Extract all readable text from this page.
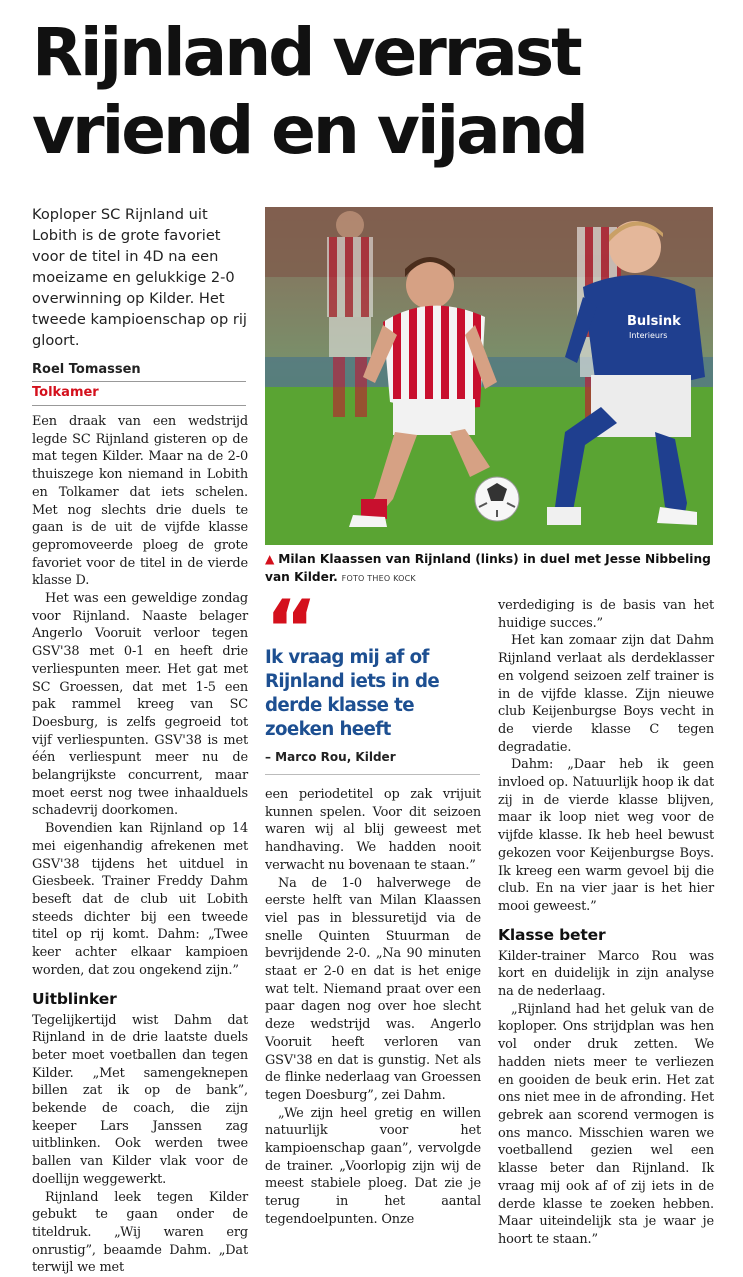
Rijnland verrast
vriend en vijand

Koploper SC Rijnland uit Lobith is de grote favoriet voor de titel in 4D na een moeizame en gelukkige 2-0 overwinning op Kilder. Het tweede kampioenschap op rij gloort.

Roel Tomassen
Tolkamer
Bulsink
Interieurs
▲ Milan Klaassen van Rijnland (links) in duel met Jesse Nibbeling van Kilder. FOTO THEO KOCK

Een draak van een wedstrijd legde SC Rijnland gisteren op de mat tegen Kilder. Maar na de 2-0 thuiszege kon niemand in Lobith en Tolkamer dat iets schelen. Met nog slechts drie duels te gaan is de uit de vijfde klasse gepromoveerde ploeg de grote favoriet voor de titel in de vierde klasse D.

Het was een geweldige zondag voor Rijnland. Naaste belager Angerlo Vooruit verloor tegen GSV'38 met 0-1 en heeft drie verliespunten meer. Het gat met SC Groessen, dat met 1-5 een pak rammel kreeg van SC Doesburg, is zelfs gegroeid tot vijf verliespunten. GSV'38 is met één verliespunt meer nu de belangrijkste concurrent, maar moet eerst nog twee inhaalduels schadevrij doorkomen.

Bovendien kan Rijnland op 14 mei eigenhandig afrekenen met GSV'38 tijdens het uitduel in Giesbeek. Trainer Freddy Dahm beseft dat de club uit Lobith steeds dichter bij een tweede titel op rij komt. Dahm: „Twee keer achter elkaar kampioen worden, dat zou ongekend zijn.”

Uitblinker

Tegelijkertijd wist Dahm dat Rijnland in de drie laatste duels beter moet voetballen dan tegen Kilder. „Met samengeknepen billen zat ik op de bank”, bekende de coach, die zijn keeper Lars Janssen zag uitblinken. Ook werden twee ballen van Kilder vlak voor de doellijn weggewerkt.

Rijnland leek tegen Kilder gebukt te gaan onder de titeldruk. „Wij waren erg onrustig”, beaamde Dahm. „Dat terwijl we met

“
Ik vraag mij af of Rijnland iets in de derde klasse te zoeken heeft
– Marco Rou, Kilder

een periodetitel op zak vrijuit kunnen spelen. Voor dit seizoen waren wij al blij geweest met handhaving. We hadden nooit verwacht nu bovenaan te staan.”

Na de 1-0 halverwege de eerste helft van Milan Klaassen viel pas in blessuretijd via de snelle Quinten Stuurman de bevrijdende 2-0. „Na 90 minuten staat er 2-0 en dat is het enige wat telt. Niemand praat over een paar dagen nog over hoe slecht deze wedstrijd was. Angerlo Vooruit heeft verloren van GSV'38 en dat is gunstig. Net als de flinke nederlaag van Groessen tegen Doesburg”, zei Dahm.

„We zijn heel gretig en willen natuurlijk voor het kampioenschap gaan”, vervolgde de trainer. „Voorlopig zijn wij de meest stabiele ploeg. Dat zie je terug in het aantal tegendoelpunten. Onze

verdediging is de basis van het huidige succes.”

Het kan zomaar zijn dat Dahm Rijnland verlaat als derdeklasser en volgend seizoen zelf trainer is in de vijfde klasse. Zijn nieuwe club Keijenburgse Boys vecht in de vierde klasse C tegen degradatie.

Dahm: „Daar heb ik geen invloed op. Natuurlijk hoop ik dat zij in de vierde klasse blijven, maar ik loop niet weg voor de vijfde klasse. Ik heb heel bewust gekozen voor Keijenburgse Boys. Ik kreeg een warm gevoel bij die club. En na vier jaar is het hier mooi geweest.”

Klasse beter

Kilder-trainer Marco Rou was kort en duidelijk in zijn analyse na de nederlaag.

„Rijnland had het geluk van de koploper. Ons strijdplan was hen vol onder druk zetten. We hadden niets meer te verliezen en gooiden de beuk erin. Het zat ons niet mee in de afronding. Het gebrek aan scorend vermogen is ons manco. Misschien waren we voetballend gezien wel een klasse beter dan Rijnland. Ik vraag mij ook af of zij iets in de derde klasse te zoeken hebben. Maar uiteindelijk sta je waar je hoort te staan.”
